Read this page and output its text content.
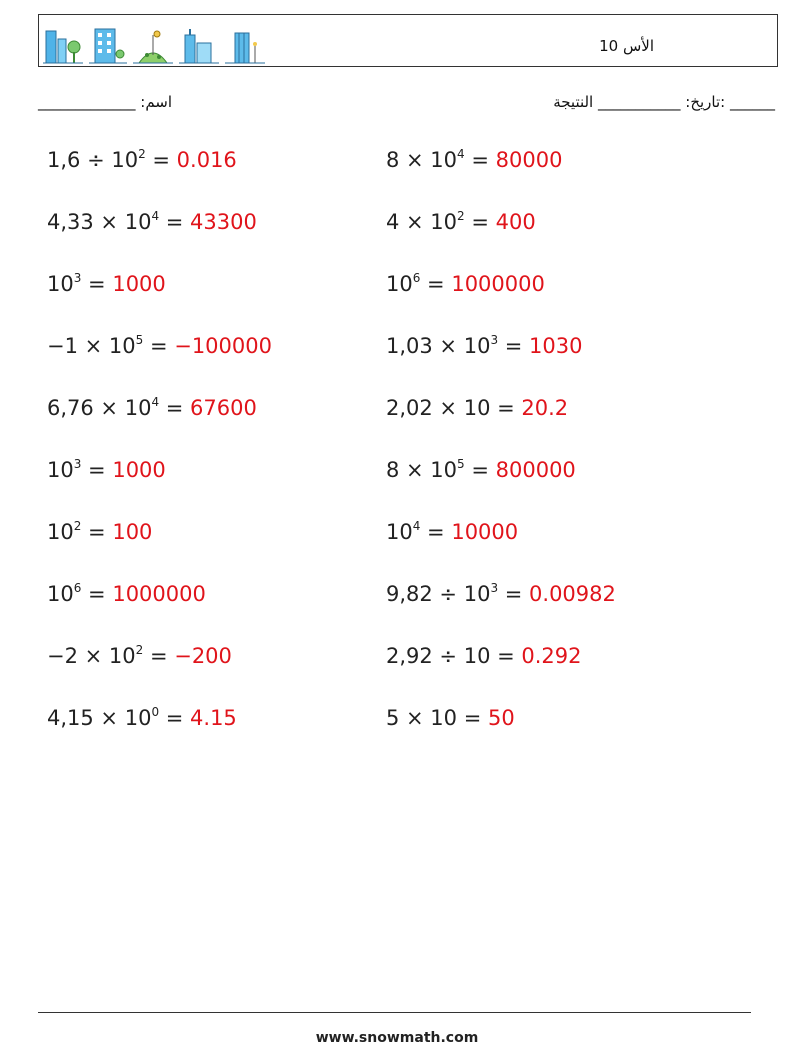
الأس 10
اسم: _____________	______ :تاريخ: ___________ النتيجة
$1,6 \div 10^2 = 0.016$	$8 \times 10^4 = 80000$
$4,33 \times 10^4 = 43300$	$4 \times 10^2 = 400$
$10^3 = 1000$	$10^6 = 1000000$
$-1 \times 10^5 = -100000$	$1,03 \times 10^3 = 1030$
$6,76 \times 10^4 = 67600$	2,02 × 10 = 20.2
$10^3 = 1000$	$8 \times 10^5 = 800000$
$10^2 = 100$	$10^4 = 10000$
$10^6 = 1000000$	$9,82 \div 10^3 = 0.00982$
$-2 \times 10^2 = -200$	2,92 ÷ 10 = 0.292
$4,15 \times 10^0 = 4.15$	5 × 10 = 50
www.snowmath.com
